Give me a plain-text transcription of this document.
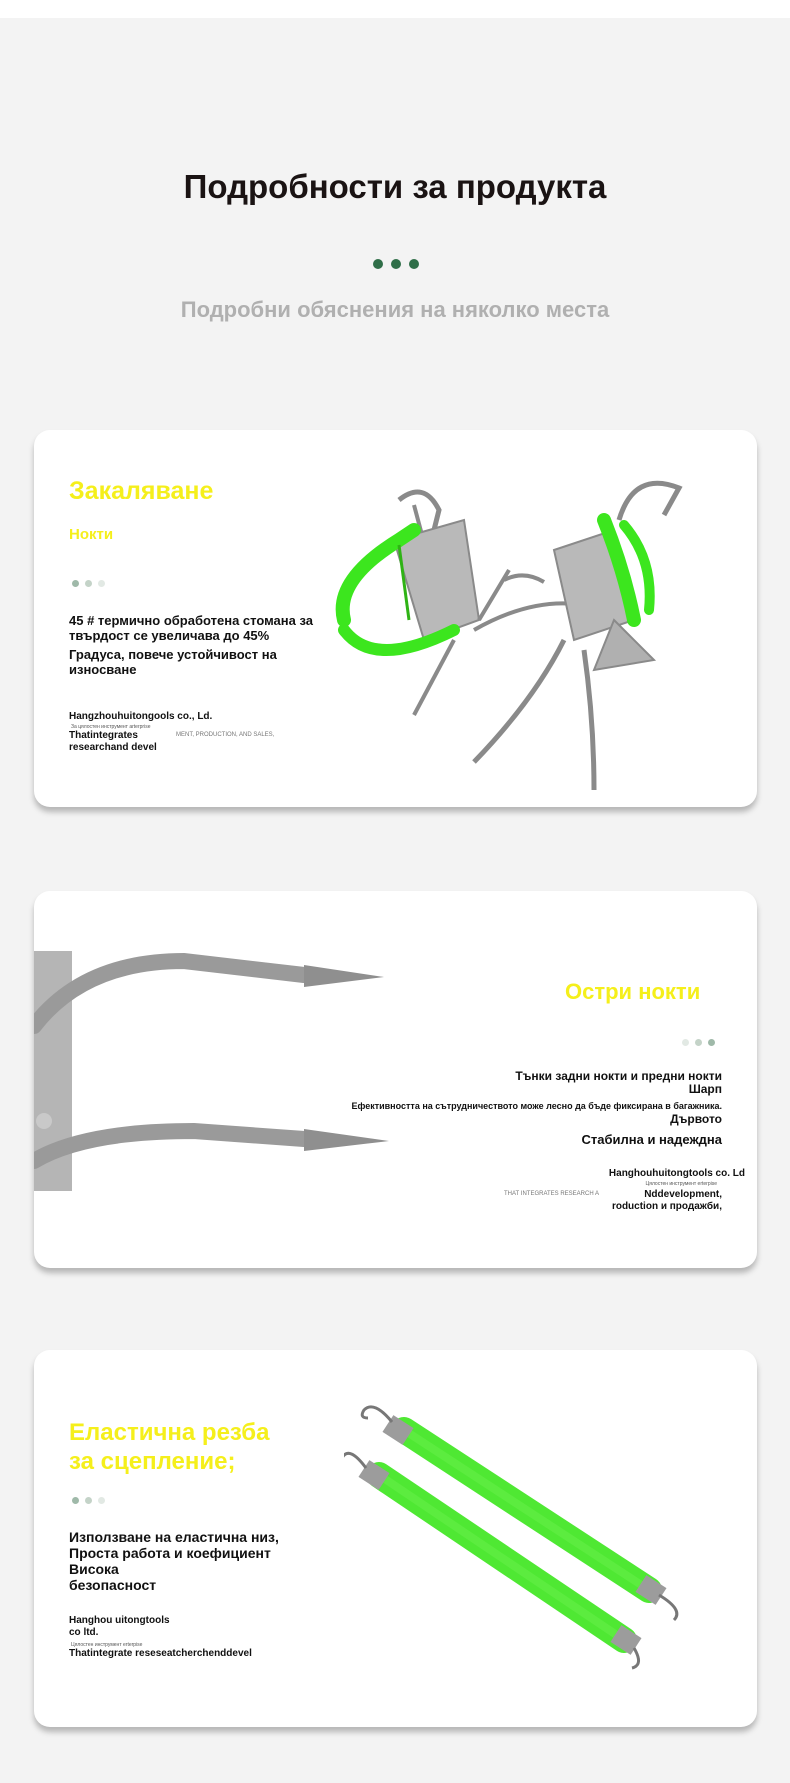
Подробности за продукта
Подробни обяснения на няколко места
Закаляване
Нокти
45 # термично обработена стомана за
твърдост се увеличава до 45%
Градуса, повече устойчивост на
износване
Hangzhouhuitongools co., Ld.
За цялостен инструмент arterprise
MENT, PRODUCTION, AND SALES,
Thatintegrates
researchand devel
Остри нокти
Тънки задни нокти и предни нокти
Шарп
Ефективността на сътрудничеството може лесно да бъде фиксирана в багажника.
Дървото
Стабилна и надеждна
Hanghouhuitongtools co. Ld
Цялостен инструмент erterpise
THAT INTEGRATES RESEARCH A	Nddevelopment,
roduction и продажби,
Еластична резба
за сцепление;
Използване на еластична низ,
Проста работа и коефициент
Висока
безопасност
Hanghou uitongtools
co ltd.
Цялостен инструмент erterpise
Thatintegrate reseseatcherchenddevel
